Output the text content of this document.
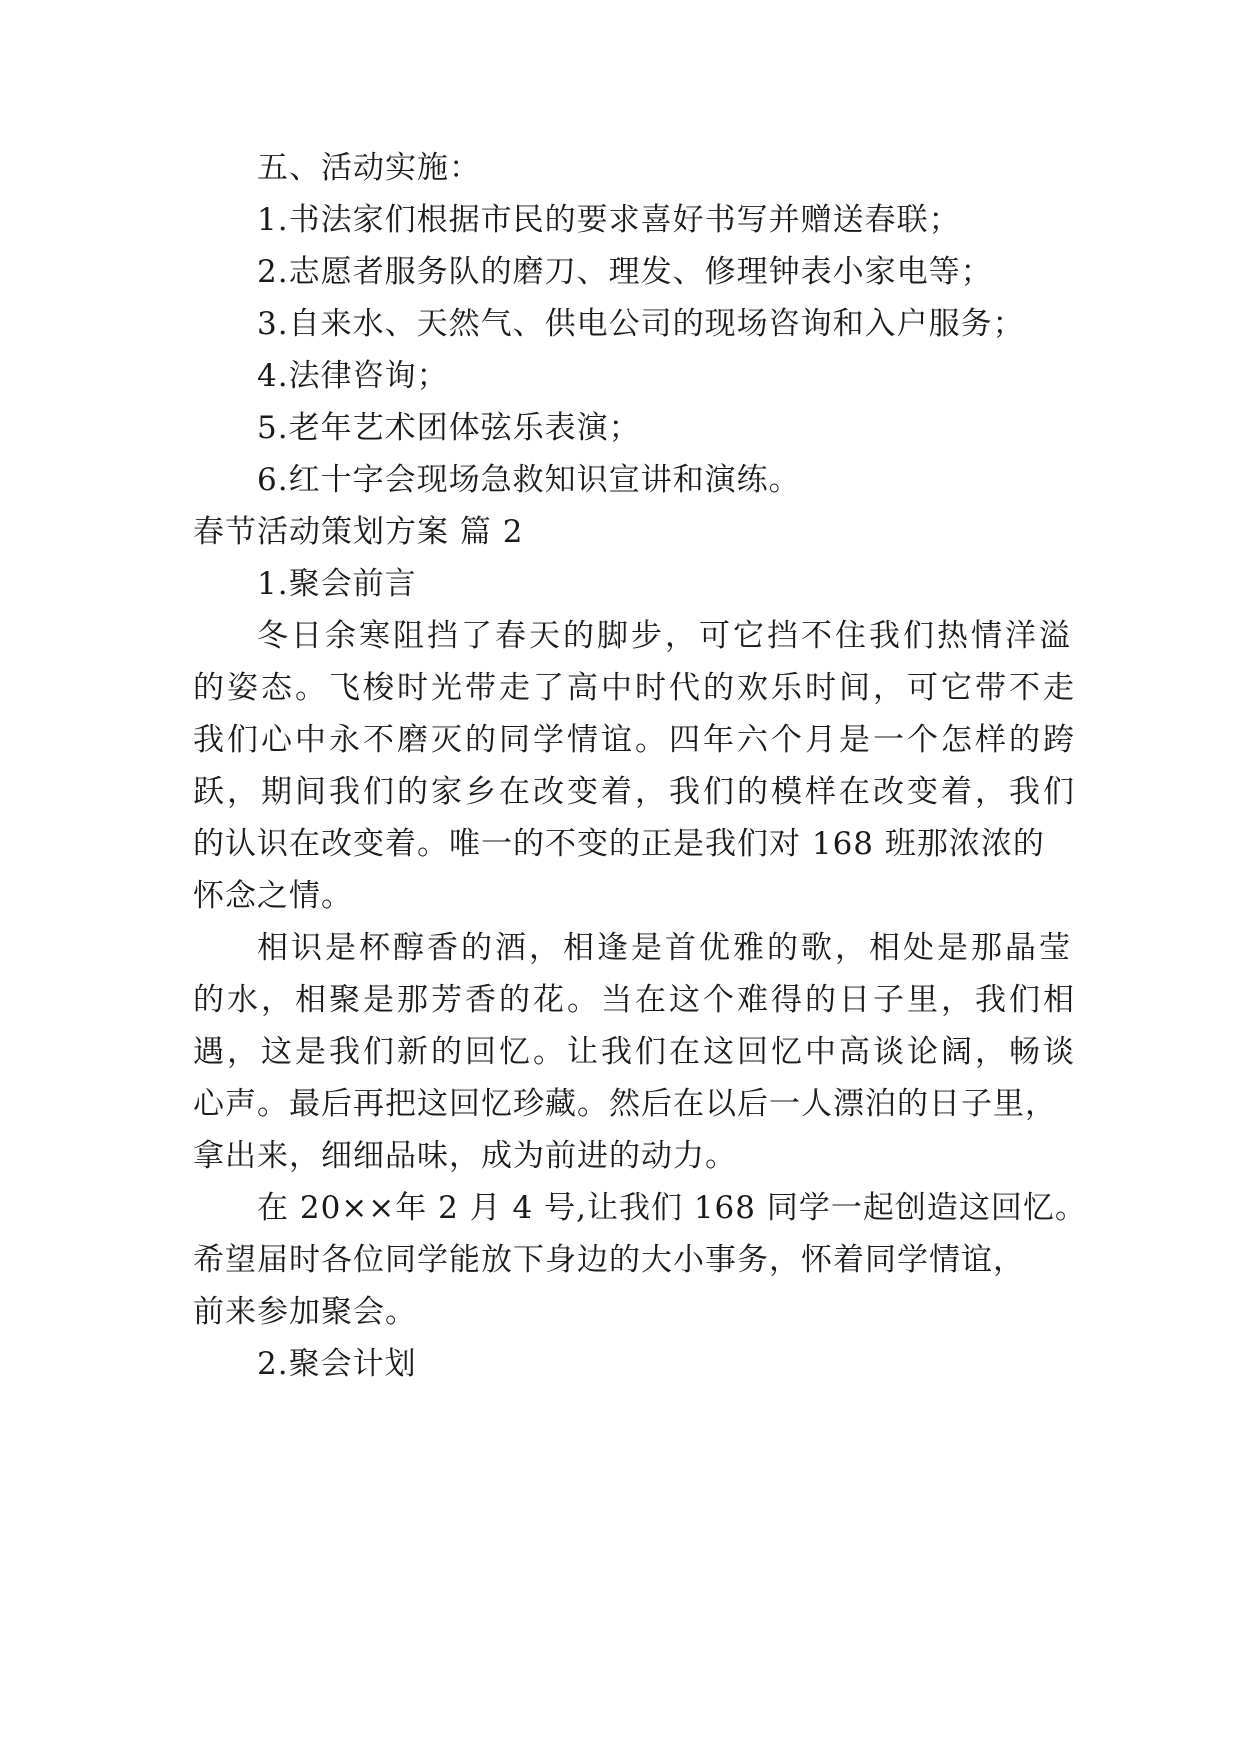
五、活动实施：
1.书法家们根据市民的要求喜好书写并赠送春联；
2.志愿者服务队的磨刀、理发、修理钟表小家电等；
3.自来水、天然气、供电公司的现场咨询和入户服务；
4.法律咨询；
5.老年艺术团体弦乐表演；
6.红十字会现场急救知识宣讲和演练。
春节活动策划方案 篇 2
1.聚会前言
冬日余寒阻挡了春天的脚步，可它挡不住我们热情洋溢
的姿态。飞梭时光带走了高中时代的欢乐时间，可它带不走
我们心中永不磨灭的同学情谊。四年六个月是一个怎样的跨
跃，期间我们的家乡在改变着，我们的模样在改变着，我们
的认识在改变着。唯一的不变的正是我们对 168 班那浓浓的
怀念之情。
相识是杯醇香的酒，相逢是首优雅的歌，相处是那晶莹
的水，相聚是那芳香的花。当在这个难得的日子里，我们相
遇，这是我们新的回忆。让我们在这回忆中高谈论阔，畅谈
心声。最后再把这回忆珍藏。然后在以后一人漂泊的日子里，
拿出来，细细品味，成为前进的动力。
在 20××年 2 月 4 号,让我们 168 同学一起创造这回忆。
希望届时各位同学能放下身边的大小事务，怀着同学情谊，
前来参加聚会。
2.聚会计划
